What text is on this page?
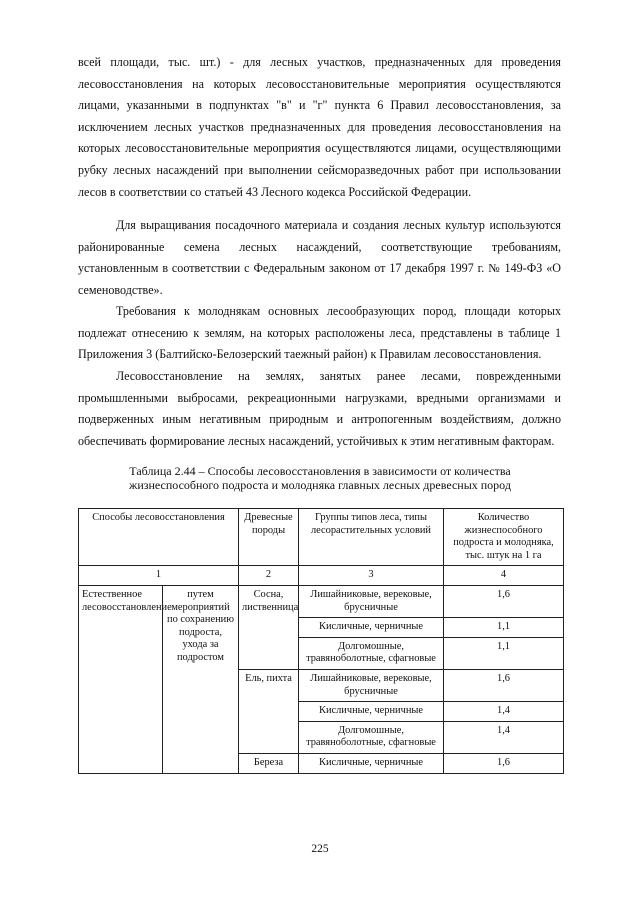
всей площади, тыс. шт.) - для лесных участков, предназначенных для проведения лесовосстановления на которых лесовосстановительные мероприятия осуществляются лицами, указанными в подпунктах "в" и "г" пункта 6 Правил лесовосстановления, за исключением лесных участков предназначенных для проведения лесовосстановления на которых лесовосстановительные мероприятия осуществляются лицами, осуществляющими рубку лесных насаждений при выполнении сейсморазведочных работ при использовании лесов в соответствии со статьей 43 Лесного кодекса Российской Федерации.

Для выращивания посадочного материала и создания лесных культур используются районированные семена лесных насаждений, соответствующие требованиям, установленным в соответствии с Федеральным законом от 17 декабря 1997 г. № 149-ФЗ «О семеноводстве».

Требования к молоднякам основных лесообразующих пород, площади которых подлежат отнесению к землям, на которых расположены леса, представлены в таблице 1 Приложения 3 (Балтийско-Белозерский таежный район) к Правилам лесовосстановления.

Лесовосстановление на землях, занятых ранее лесами, поврежденными промышленными выбросами, рекреационными нагрузками, вредными организмами и подверженных иным негативным природным и антропогенным воздействиям, должно обеспечивать формирование лесных насаждений, устойчивых к этим негативным факторам.

Таблица 2.44 – Способы лесовосстановления в зависимости от количества жизнеспособного подроста и молодняка главных лесных древесных пород

Способы лесовосстановления		Древесные породы	Группы типов леса, типы лесорастительных условий	Количество жизнеспособного подроста и молодняка, тыс. штук на 1 га
1		2	3	4
Естественное лесовосстановление	путем мероприятий по сохранению подроста, ухода за подростом	Сосна, лиственница	Лишайниковые, верековые, брусничные	1,6
			Кисличные, черничные	1,1
			Долгомошные, травяноболотные, сфагновые	1,1
		Ель, пихта	Лишайниковые, верековые, брусничные	1,6
			Кисличные, черничные	1,4
			Долгомошные, травяноболотные, сфагновые	1,4
		Береза	Кисличные, черничные	1,6
225
